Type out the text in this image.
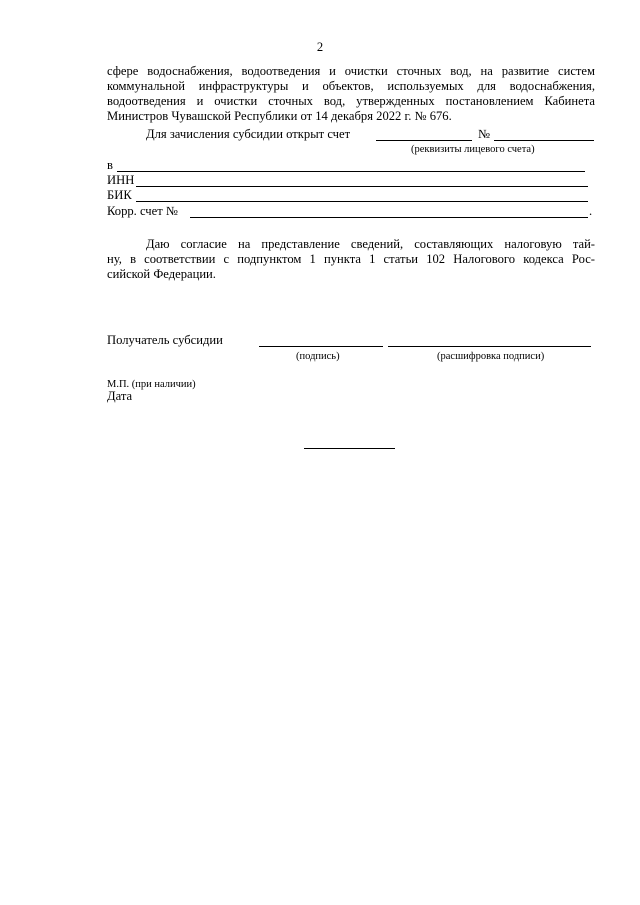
2
сфере водоснабжения, водоотведения и очистки сточных вод, на развитие систем
коммунальной инфраструктуры и объектов, используемых для водоснабжения,
водоотведения и очистки сточных вод, утвержденных постановлением Кабинета
Министров Чувашской Республики от 14 декабря 2022 г. № 676.
Для зачисления субсидии открыт счет	№
(реквизиты лицевого счета)
в
ИНН
БИК
Корр. счет №	.
Даю согласие на представление сведений, составляющих налоговую тай-
ну, в соответствии с подпунктом 1 пункта 1 статьи 102 Налогового кодекса Рос-
сийской Федерации.
Получатель субсидии
(подпись)	(расшифровка подписи)
М.П. (при наличии)
Дата
